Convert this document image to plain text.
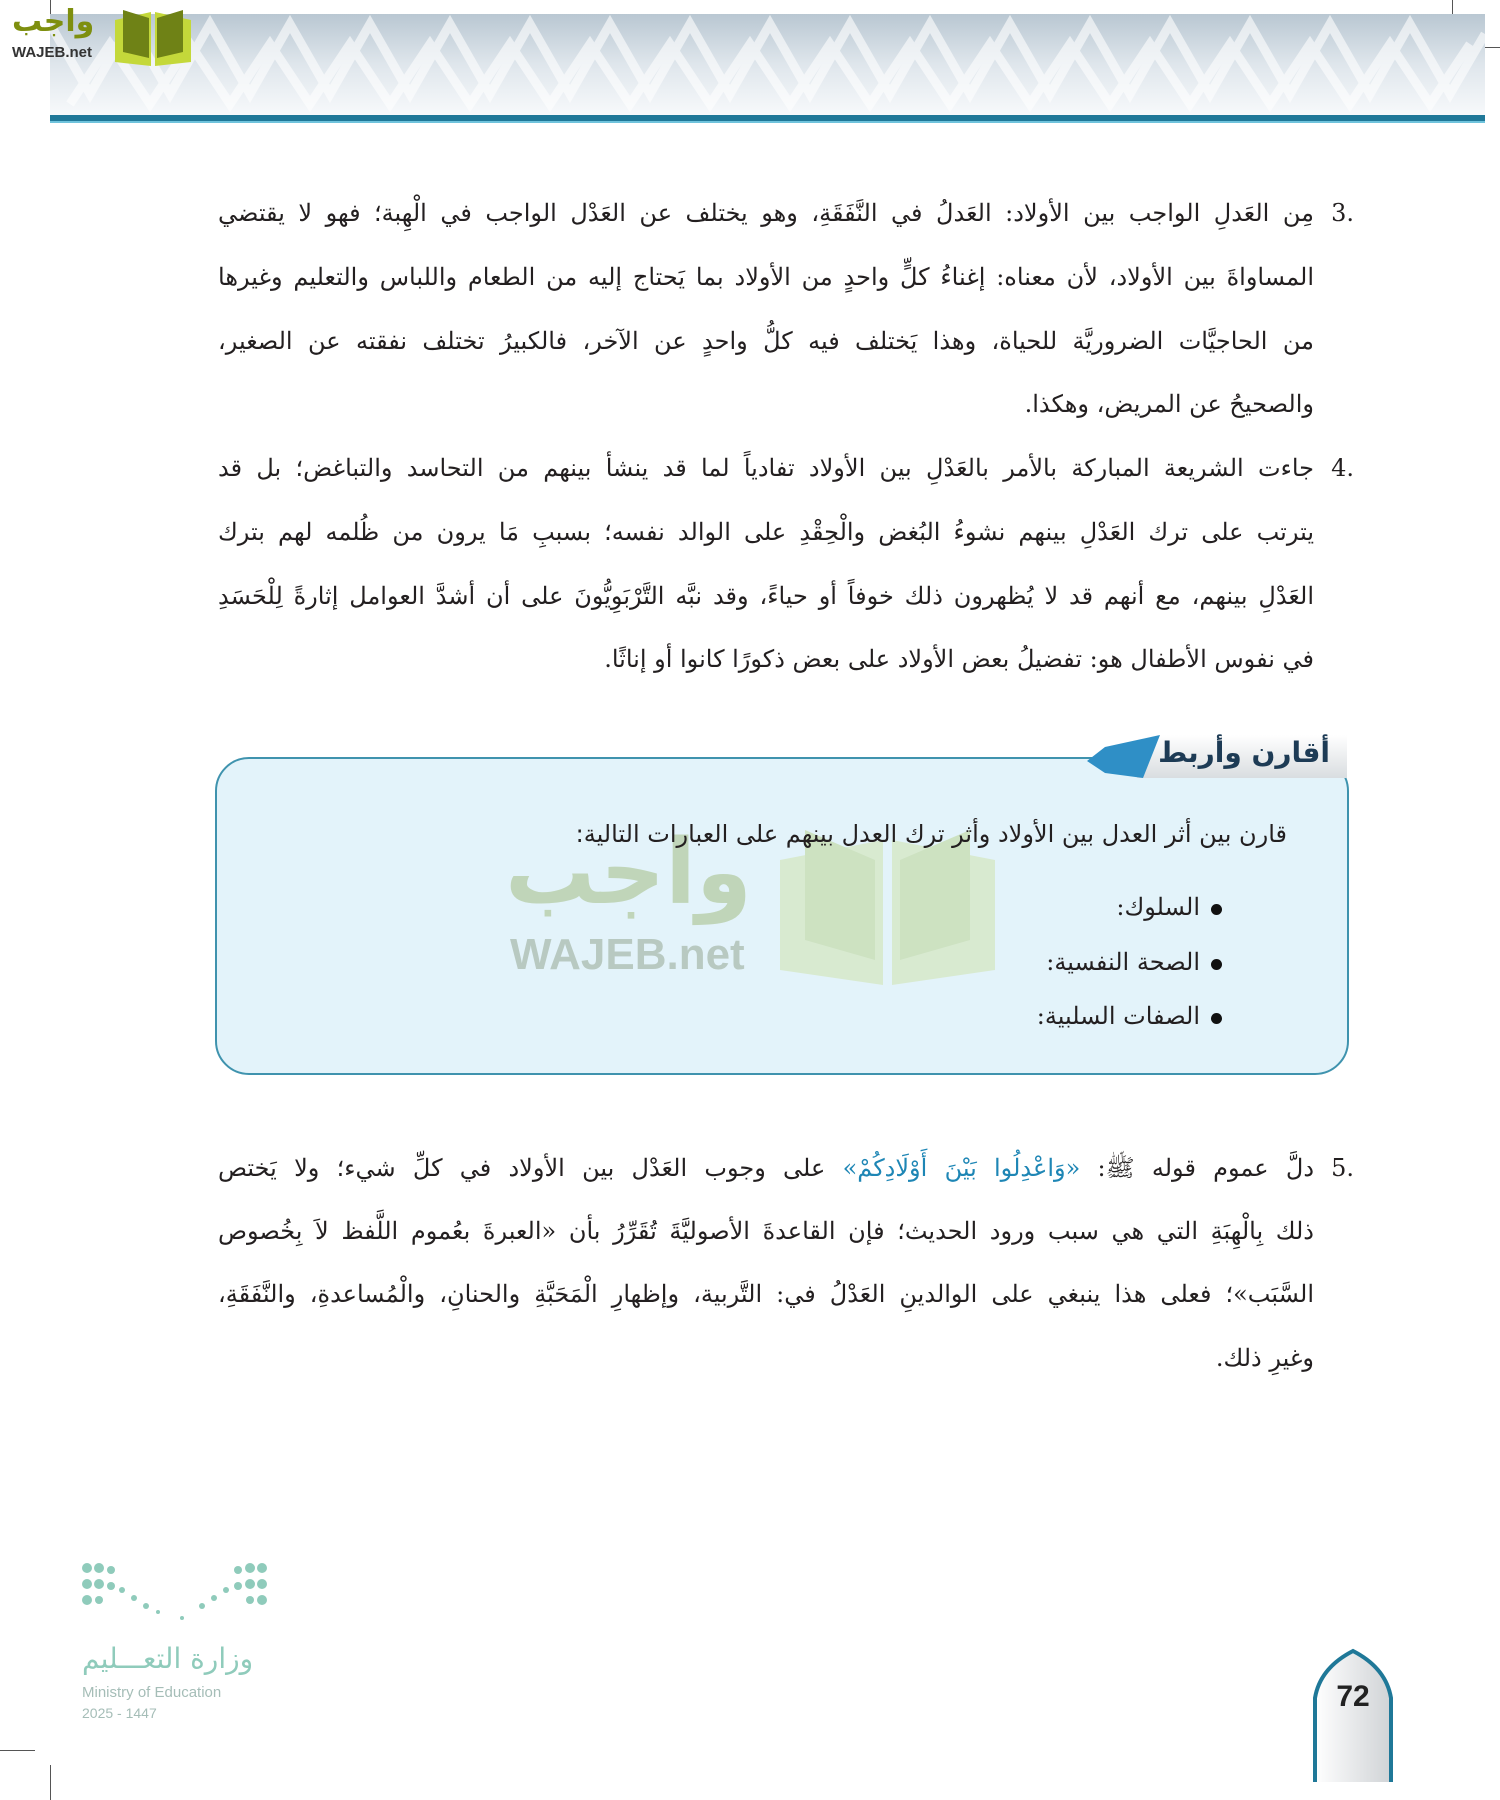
واجب
WAJEB.net
3.
مِن العَدلِ الواجب بين الأولاد: العَدلُ في النَّفَقَةِ، وهو يختلف عن العَدْل الواجب في الْهِبة؛ فهو لا يقتضي
المساواةَ بين الأولاد، لأن معناه: إغناءُ كلٍّ واحدٍ من الأولاد بما يَحتاج إليه من الطعام واللباس والتعليم وغيرها
من الحاجيَّات الضروريَّة للحياة، وهذا يَختلف فيه كلُّ واحدٍ عن الآخر، فالكبيرُ تختلف نفقته عن الصغير،
والصحيحُ عن المريض، وهكذا.
4.
جاءت الشريعة المباركة بالأمر بالعَدْلِ بين الأولاد تفادياً لما قد ينشأ بينهم من التحاسد والتباغض؛ بل قد
يترتب على ترك العَدْلِ بينهم نشوءُ البُغض والْحِقْدِ على الوالد نفسه؛ بسببِ مَا يرون من ظُلمه لهم بترك
العَدْلِ بينهم، مع أنهم قد لا يُظهرون ذلك خوفاً أو حياءً، وقد نبَّه التَّرْبَوِيُّونَ على أن أشدَّ العوامل إثارةً لِلْحَسَدِ
في نفوس الأطفال هو: تفضيلُ بعض الأولاد على بعض ذكورًا كانوا أو إناثًا.
أقارن وأربط
واجب
WAJEB.net
قارن بين أثر العدل بين الأولاد وأثر ترك العدل بينهم على العبارات التالية:
السلوك:
الصحة النفسية:
الصفات السلبية:
5.
دلَّ عموم قوله ﷺ: «وَاعْدِلُوا بَيْنَ أَوْلَادِكُمْ» على وجوب العَدْل بين الأولاد في كلِّ شيء؛ ولا يَختص
ذلك بِالْهِبَةِ التي هي سبب ورود الحديث؛ فإن القاعدةَ الأصوليَّةَ تُقَرِّرُ بأن «العبرةَ بعُموم اللَّفظ لاَ بِخُصوص
السَّبَب»؛ فعلى هذا ينبغي على الوالدينِ العَدْلُ في: التَّربية، وإظهارِ الْمَحَبَّةِ والحنانِ، والْمُساعدةِ، والنَّفَقَةِ،
وغيرِ ذلك.
وزارة التعـــليم
Ministry of Education
2025 - 1447	72
